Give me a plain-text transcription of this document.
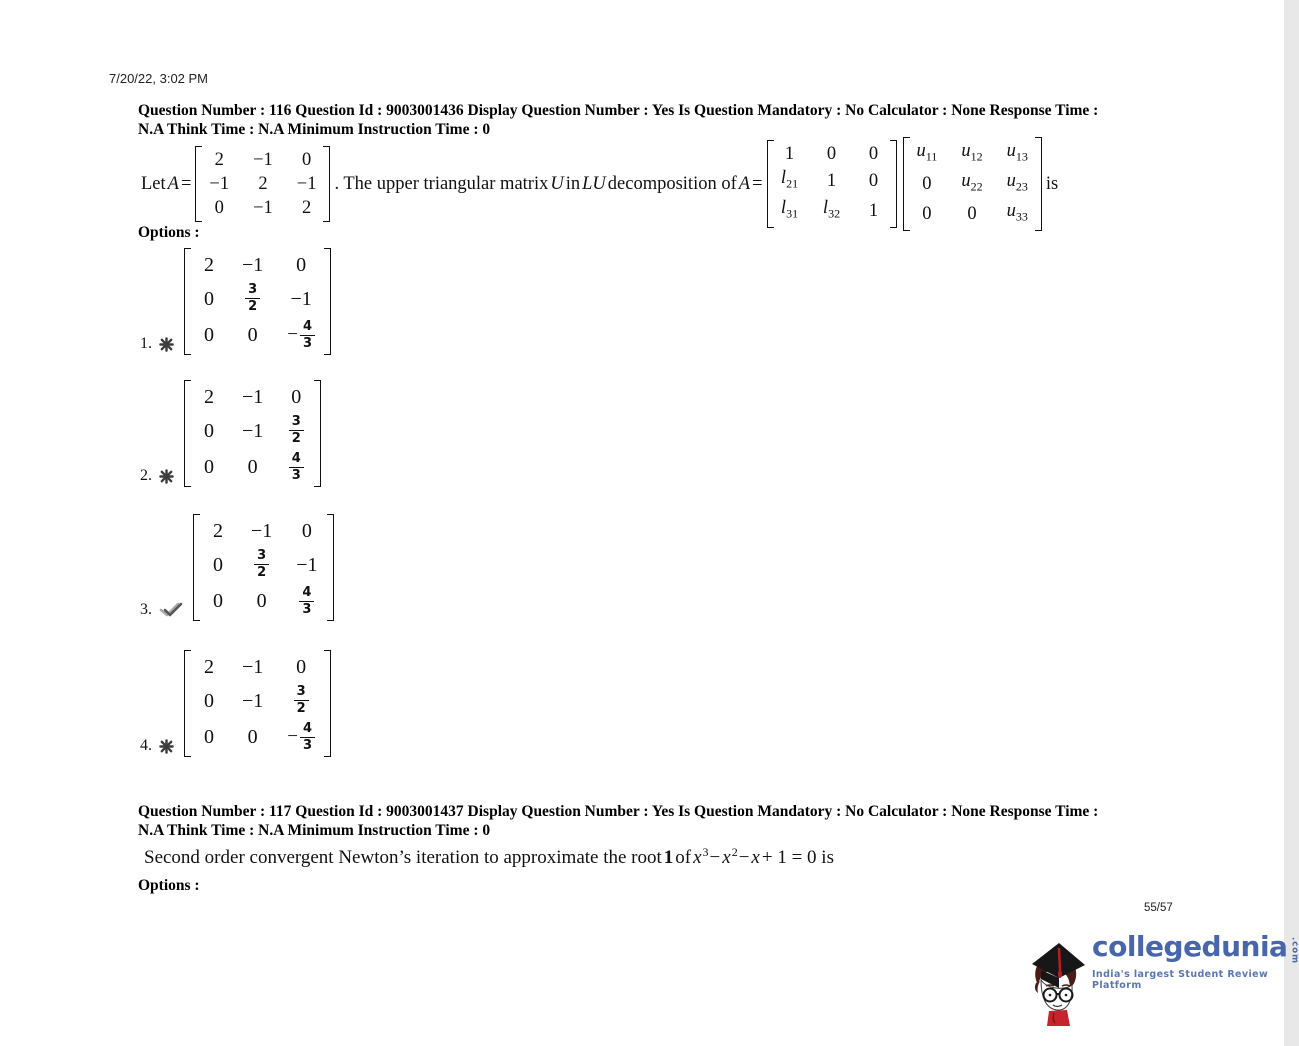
7/20/22, 3:02 PM
Question Number : 116 Question Id : 9003001436 Display Question Number : Yes Is Question Mandatory : No Calculator : None Response Time :
N.A Think Time : N.A Minimum Instruction Time : 0
Let A =
2 −1 0
−1 2 −1
0 −1 2
. The upper triangular matrix U in LU decomposition of A =
1 0 0
$l_{21}$ 1 0
$l_{31}$ $l_{32}$ 1
$u_{11}$ $u_{12}$ $u_{13}$
0 $u_{22}$ $u_{23}$
0 0 $u_{33}$
is
Options :
1.
2 −1 0
0	$\frac{3}{2} -1$
0 $0 - \frac{4}{3}$
2.
2 −1 0
$0 -1 \frac{3}{2}$
0 0	$\frac{4}{3}$
3.
2 −1 0
0	$\frac{3}{2} -1$
0 0	$\frac{4}{3}$
4.
2 −1 0
$0 -1 \frac{3}{2}$
0 $0 - \frac{4}{3}$
Question Number : 117 Question Id : 9003001437 Display Question Number : Yes Is Question Mandatory : No Calculator : None Response Time :
N.A Think Time : N.A Minimum Instruction Time : 0
Second order convergent Newton’s iteration to approximate the root 1 of x 3 − x 2 − x + 1 = 0 is
Options :
55/57
collegedunia .com
India's largest Student Review Platform
